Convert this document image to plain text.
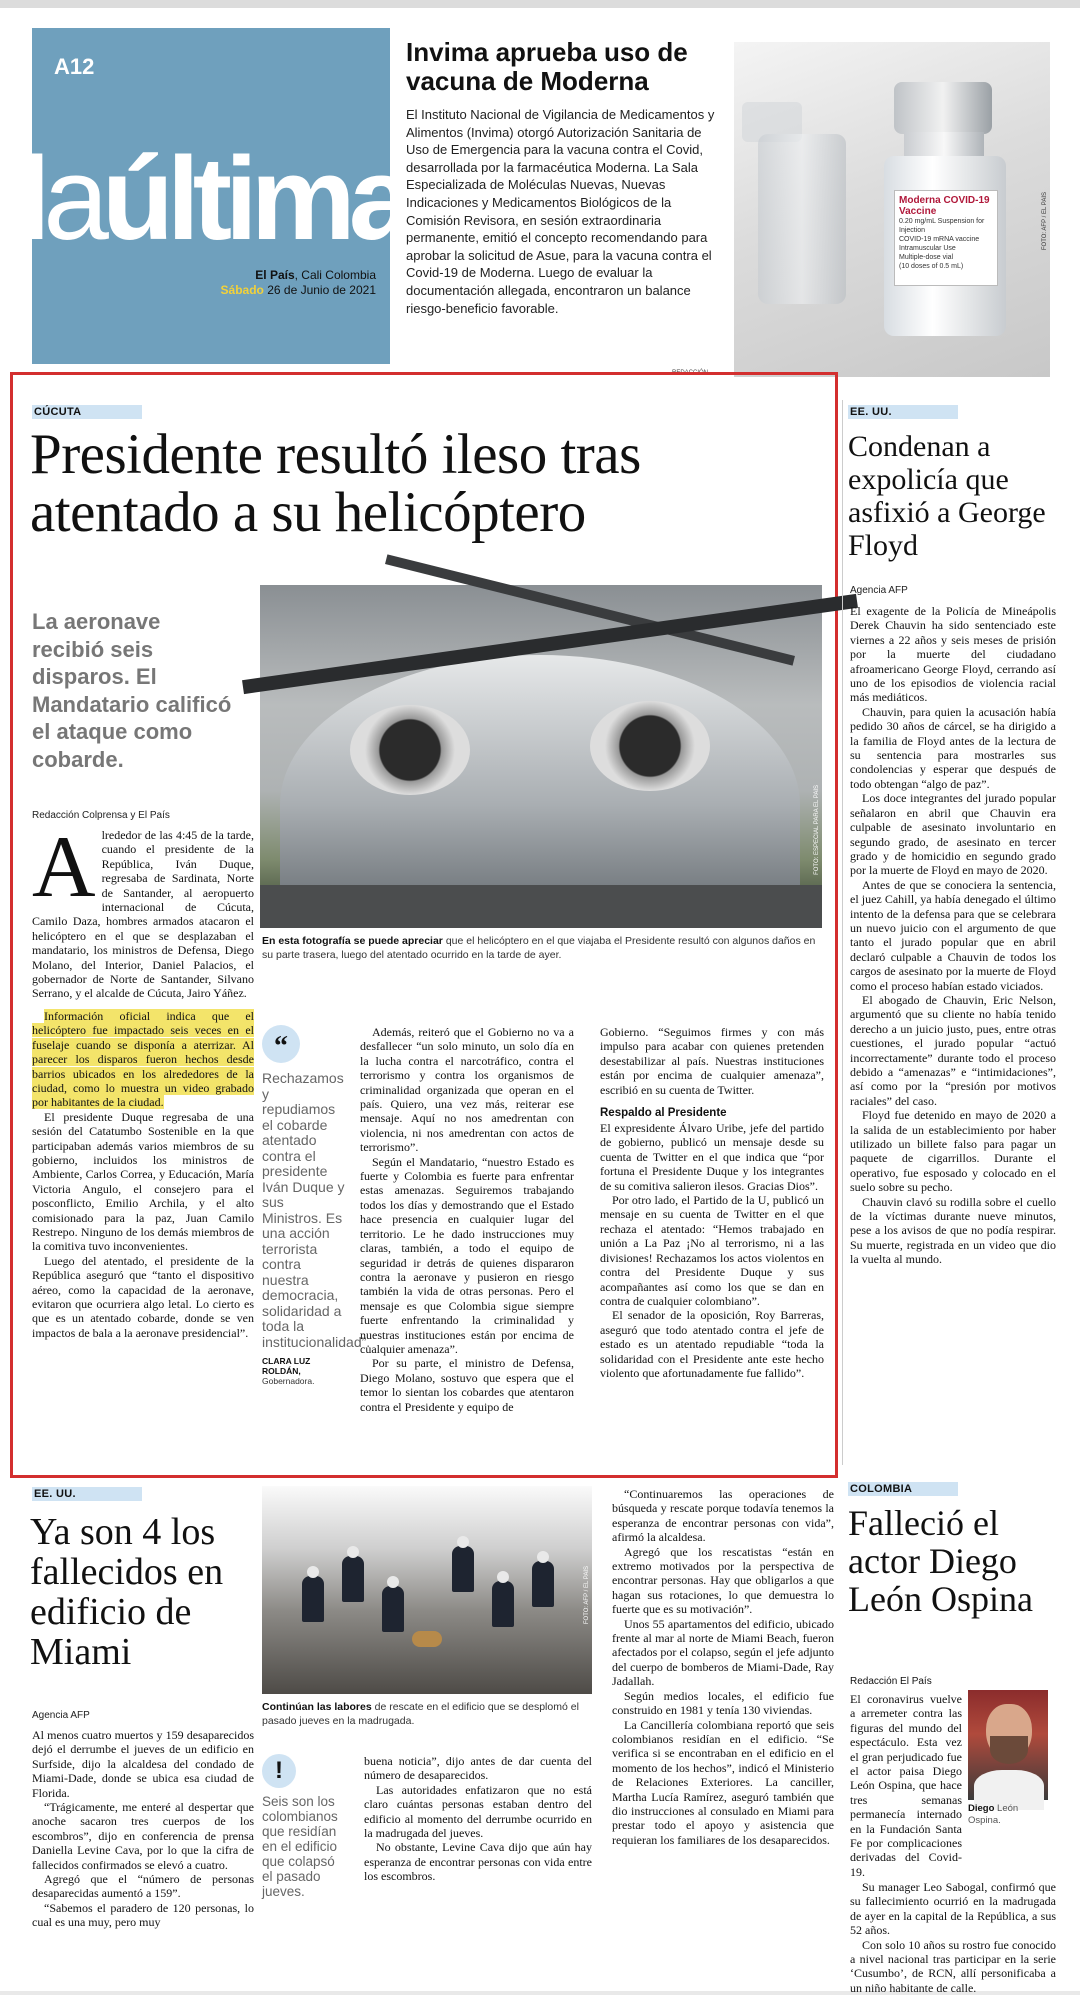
A12
laúltima
El País, Cali Colombia
Sábado 26 de Junio de 2021
Invima aprueba uso de vacuna de Moderna

El Instituto Nacional de Vigilancia de Medicamentos y Alimentos (Invima) otorgó Autorización Sanitaria de Uso de Emergencia para la vacuna contra el Covid, desarrollada por la farmacéutica Moderna. La Sala Especializada de Moléculas Nuevas, Nuevas Indicaciones y Medicamentos Biológicos de la Comisión Revisora, en sesión extraordinaria permanente, emitió el concepto recomendando para aprobar la solicitud de Asue, para la vacuna contra el Covid-19 de Moderna. Luego de evaluar la documentación allegada, encontraron un balance riesgo-beneficio favorable.

Moderna COVID-19 Vaccine
0.20 mg/mL Suspension for Injection
COVID-19 mRNA vaccine
Intramuscular Use
Multiple-dose vial
(10 doses of 0.5 mL)
FOTO: AFP / EL PAÍS
REDACCIÓN
CÚCUTA
Presidente resultó ileso tras atentado a su helicóptero
La aeronave recibió seis disparos. El Mandatario calificó el ataque como cobarde.
Redacción Colprensa y El País	FOTO: ESPECIAL PARA EL PAÍS
En esta fotografía se puede apreciar que el helicóptero en el que viajaba el Presidente resultó con algunos daños en su parte trasera, luego del atentado ocurrido en la tarde de ayer.

Alrededor de las 4:45 de la tarde, cuando el presidente de la República, Iván Duque, regresaba de Sardinata, Norte de Santander, al aeropuerto internacional de Cúcuta, Camilo Daza, hombres armados atacaron el helicóptero en el que se desplazaban el mandatario, los ministros de Defensa, Diego Molano, del Interior, Daniel Palacios, el gobernador de Norte de Santander, Silvano Serrano, y el alcalde de Cúcuta, Jairo Yáñez.

Información oficial indica que el helicóptero fue impactado seis veces en el fuselaje cuando se disponía a aterrizar. Al parecer los disparos fueron hechos desde barrios ubicados en los alrededores de la ciudad, como lo muestra un video grabado por habitantes de la ciudad.

El presidente Duque regresaba de una sesión del Catatumbo Sostenible en la que participaban además varios miembros de su gobierno, incluidos los ministros de Ambiente, Carlos Correa, y Educación, María Victoria Angulo, el consejero para el posconflicto, Emilio Archila, y el alto comisionado para la paz, Juan Camilo Restrepo. Ninguno de los demás miembros de la comitiva tuvo inconvenientes.

Luego del atentado, el presidente de la República aseguró que “tanto el dispositivo aéreo, como la capacidad de la aeronave, evitaron que ocurriera algo letal. Lo cierto es que es un atentado cobarde, donde se ven impactos de bala a la aeronave presidencial”.

“
Rechazamos y repudiamos el cobarde atentado contra el presidente Iván Duque y sus Ministros. Es una acción terrorista contra nuestra democracia, solidaridad a toda la institucionalidad”.
CLARA LUZ ROLDÁN,
Gobernadora.

Además, reiteró que el Gobierno no va a desfallecer “un solo minuto, un solo día en la lucha contra el narcotráfico, contra el terrorismo y contra los organismos de criminalidad organizada que operan en el país. Quiero, una vez más, reiterar ese mensaje. Aquí no nos amedrentan con violencia, ni nos amedrentan con actos de terrorismo”.

Según el Mandatario, “nuestro Estado es fuerte y Colombia es fuerte para enfrentar estas amenazas. Seguiremos trabajando todos los días y demostrando que el Estado hace presencia en cualquier lugar del territorio. Le he dado instrucciones muy claras, también, a todo el equipo de seguridad ir detrás de quienes dispararon contra la aeronave y pusieron en riesgo también la vida de otras personas. Pero el mensaje es que Colombia sigue siempre fuerte enfrentando la criminalidad y nuestras instituciones están por encima de cualquier amenaza”.

Por su parte, el ministro de Defensa, Diego Molano, sostuvo que espera que el temor lo sientan los cobardes que atentaron contra el Presidente y equipo de

Gobierno. “Seguimos firmes y con más impulso para acabar con quienes pretenden desestabilizar al país. Nuestras instituciones están por encima de cualquier amenaza”, escribió en su cuenta de Twitter.

Respaldo al Presidente

El expresidente Álvaro Uribe, jefe del partido de gobierno, publicó un mensaje desde su cuenta de Twitter en el que indica que “por fortuna el Presidente Duque y los integrantes de su comitiva salieron ilesos. Gracias Dios”.

Por otro lado, el Partido de la U, publicó un mensaje en su cuenta de Twitter en el que rechaza el atentado: “Hemos trabajado en unión a La Paz ¡No al terrorismo, ni a las divisiones! Rechazamos los actos violentos en contra del Presidente Duque y sus acompañantes así como los que se dan en contra de cualquier colombiano”.

El senador de la oposición, Roy Barreras, aseguró que todo atentado contra el jefe de estado es un atentado repudiable “toda la solidaridad con el Presidente ante este hecho violento que afortunadamente fue fallido”.

EE. UU.
Condenan a expolicía que asfixió a George Floyd
Agencia AFP

El exagente de la Policía de Mineápolis Derek Chauvin ha sido sentenciado este viernes a 22 años y seis meses de prisión por la muerte del ciudadano afroamericano George Floyd, cerrando así uno de los episodios de violencia racial más mediáticos.

Chauvin, para quien la acusación había pedido 30 años de cárcel, se ha dirigido a la familia de Floyd antes de la lectura de su sentencia para mostrarles sus condolencias y esperar que después de todo obtengan “algo de paz”.

Los doce integrantes del jurado popular señalaron en abril que Chauvin era culpable de asesinato involuntario en segundo grado, de asesinato en tercer grado y de homicidio en segundo grado por la muerte de Floyd en mayo de 2020.

Antes de que se conociera la sentencia, el juez Cahill, ya había denegado el último intento de la defensa para que se celebrara un nuevo juicio con el argumento de que tanto el jurado popular que en abril declaró culpable a Chauvin de todos los cargos de asesinato por la muerte de Floyd como el proceso habían estado viciados.

El abogado de Chauvin, Eric Nelson, argumentó que su cliente no había tenido derecho a un juicio justo, pues, entre otras cuestiones, el jurado popular “actuó incorrectamente” durante todo el proceso debido a “amenazas” e “intimidaciones”, así como por la “presión por motivos raciales” del caso.

Floyd fue detenido en mayo de 2020 a la salida de un establecimiento por haber utilizado un billete falso para pagar un paquete de cigarrillos. Durante el operativo, fue esposado y colocado en el suelo sobre su pecho.

Chauvin clavó su rodilla sobre el cuello de la víctimas durante nueve minutos, pese a los avisos de que no podía respirar. Su muerte, registrada en un video que dio la vuelta al mundo.

COLOMBIA
Falleció el actor Diego León Ospina
Redacción El País
Diego León Ospina.

El coronavirus vuelve a arremeter contra las figuras del mundo del espectáculo. Esta vez el gran perjudicado fue el actor paisa Diego León Ospina, que hace tres semanas permanecía internado en la Fundación Santa Fe por complicaciones derivadas del Covid-19.

Su manager Leo Sabogal, confirmó que su fallecimiento ocurrió en la madrugada de ayer en la capital de la República, a sus 52 años.

Con solo 10 años su rostro fue conocido a nivel nacional tras participar en la serie ‘Cusumbo’, de RCN, allí personificaba a un niño habitante de calle.

EE. UU.
Ya son 4 los fallecidos en edificio de Miami
Agencia AFP

Al menos cuatro muertos y 159 desaparecidos dejó el derrumbe el jueves de un edificio en Surfside, dijo la alcaldesa del condado de Miami-Dade, donde se ubica esa ciudad de Florida.

“Trágicamente, me enteré al despertar que anoche sacaron tres cuerpos de los escombros”, dijo en conferencia de prensa Daniella Levine Cava, por lo que la cifra de fallecidos confirmados se elevó a cuatro.

Agregó que el “número de personas desaparecidas aumentó a 159”.

“Sabemos el paradero de 120 personas, lo cual es una muy, pero muy

FOTO: AFP / EL PAÍS
Continúan las labores de rescate en el edificio que se desplomó el pasado jueves en la madrugada.
!
Seis son los colombianos que residían en el edificio que colapsó el pasado jueves.

buena noticia”, dijo antes de dar cuenta del número de desaparecidos.

Las autoridades enfatizaron que no está claro cuántas personas estaban dentro del edificio al momento del derrumbe ocurrido en la madrugada del jueves.

No obstante, Levine Cava dijo que aún hay esperanza de encontrar personas con vida entre los escombros.

“Continuaremos las operaciones de búsqueda y rescate porque todavía tenemos la esperanza de encontrar personas con vida”, afirmó la alcaldesa.

Agregó que los rescatistas “están en extremo motivados por la perspectiva de encontrar personas. Hay que obligarlos a que hagan sus rotaciones, lo que demuestra lo fuerte que es su motivación”.

Unos 55 apartamentos del edificio, ubicado frente al mar al norte de Miami Beach, fueron afectados por el colapso, según el jefe adjunto del cuerpo de bomberos de Miami-Dade, Ray Jadallah.

Según medios locales, el edificio fue construido en 1981 y tenía 130 viviendas.

La Cancillería colombiana reportó que seis colombianos residían en el edificio. “Se verifica si se encontraban en el edificio en el momento de los hechos”, indicó el Ministerio de Relaciones Exteriores. La canciller, Martha Lucía Ramírez, aseguró también que dio instrucciones al consulado en Miami para prestar todo el apoyo y asistencia que requieran los familiares de los desaparecidos.
